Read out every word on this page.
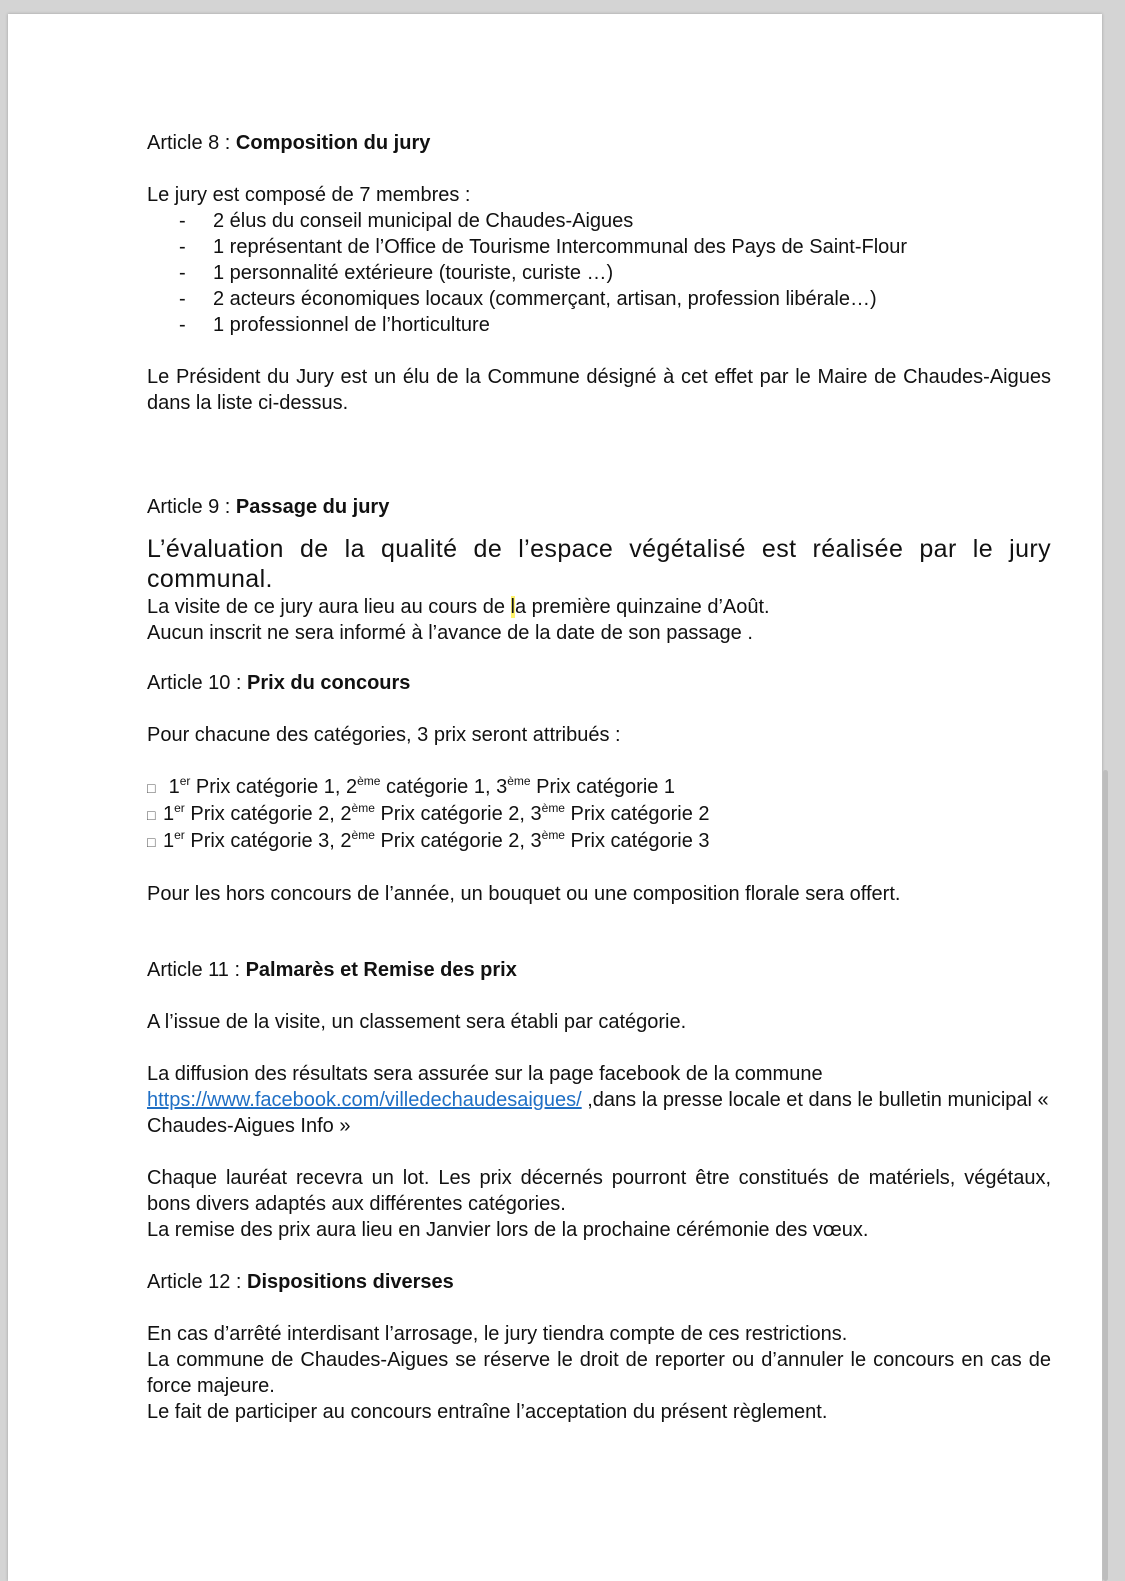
Article 8 : Composition du jury

Le jury est composé de 7 membres :

- 2 élus du conseil municipal de Chaudes-Aigues
- 1 représentant de l’Office de Tourisme Intercommunal des Pays de Saint-Flour
- 1 personnalité extérieure (touriste, curiste …)
- 2 acteurs économiques locaux (commerçant, artisan, profession libérale…)
- 1 professionnel de l’horticulture

Le Président du Jury est un élu de la Commune désigné à cet effet par le Maire de Chaudes-Aigues dans la liste ci-dessus.

Article 9 : Passage du jury

L’évaluation de la qualité de l’espace végétalisé est réalisée par le jury communal.

La visite de ce jury aura lieu au cours de la première quinzaine d’Août.

Aucun inscrit ne sera informé à l’avance de la date de son passage .

Article 10 : Prix du concours

Pour chacune des catégories, 3 prix seront attribués :

□ 1er Prix catégorie 1, 2ème catégorie 1, 3ème Prix catégorie 1

□ 1er Prix catégorie 2, 2ème Prix catégorie 2, 3ème Prix catégorie 2

□ 1er Prix catégorie 3, 2ème Prix catégorie 2, 3ème Prix catégorie 3

Pour les hors concours de l’année, un bouquet ou une composition florale sera offert.

Article 11 : Palmarès et Remise des prix

A l’issue de la visite, un classement sera établi par catégorie.

La diffusion des résultats sera assurée sur la page facebook de la commune

https://www.facebook.com/villedechaudesaigues/ ,dans la presse locale et dans le bulletin municipal « Chaudes-Aigues Info »

Chaque lauréat recevra un lot. Les prix décernés pourront être constitués de matériels, végétaux, bons divers adaptés aux différentes catégories.

La remise des prix aura lieu en Janvier lors de la prochaine cérémonie des vœux.

Article 12 : Dispositions diverses

En cas d’arrêté interdisant l’arrosage, le jury tiendra compte de ces restrictions.

La commune de Chaudes-Aigues se réserve le droit de reporter ou d’annuler le concours en cas de force majeure.

Le fait de participer au concours entraîne l’acceptation du présent règlement.
